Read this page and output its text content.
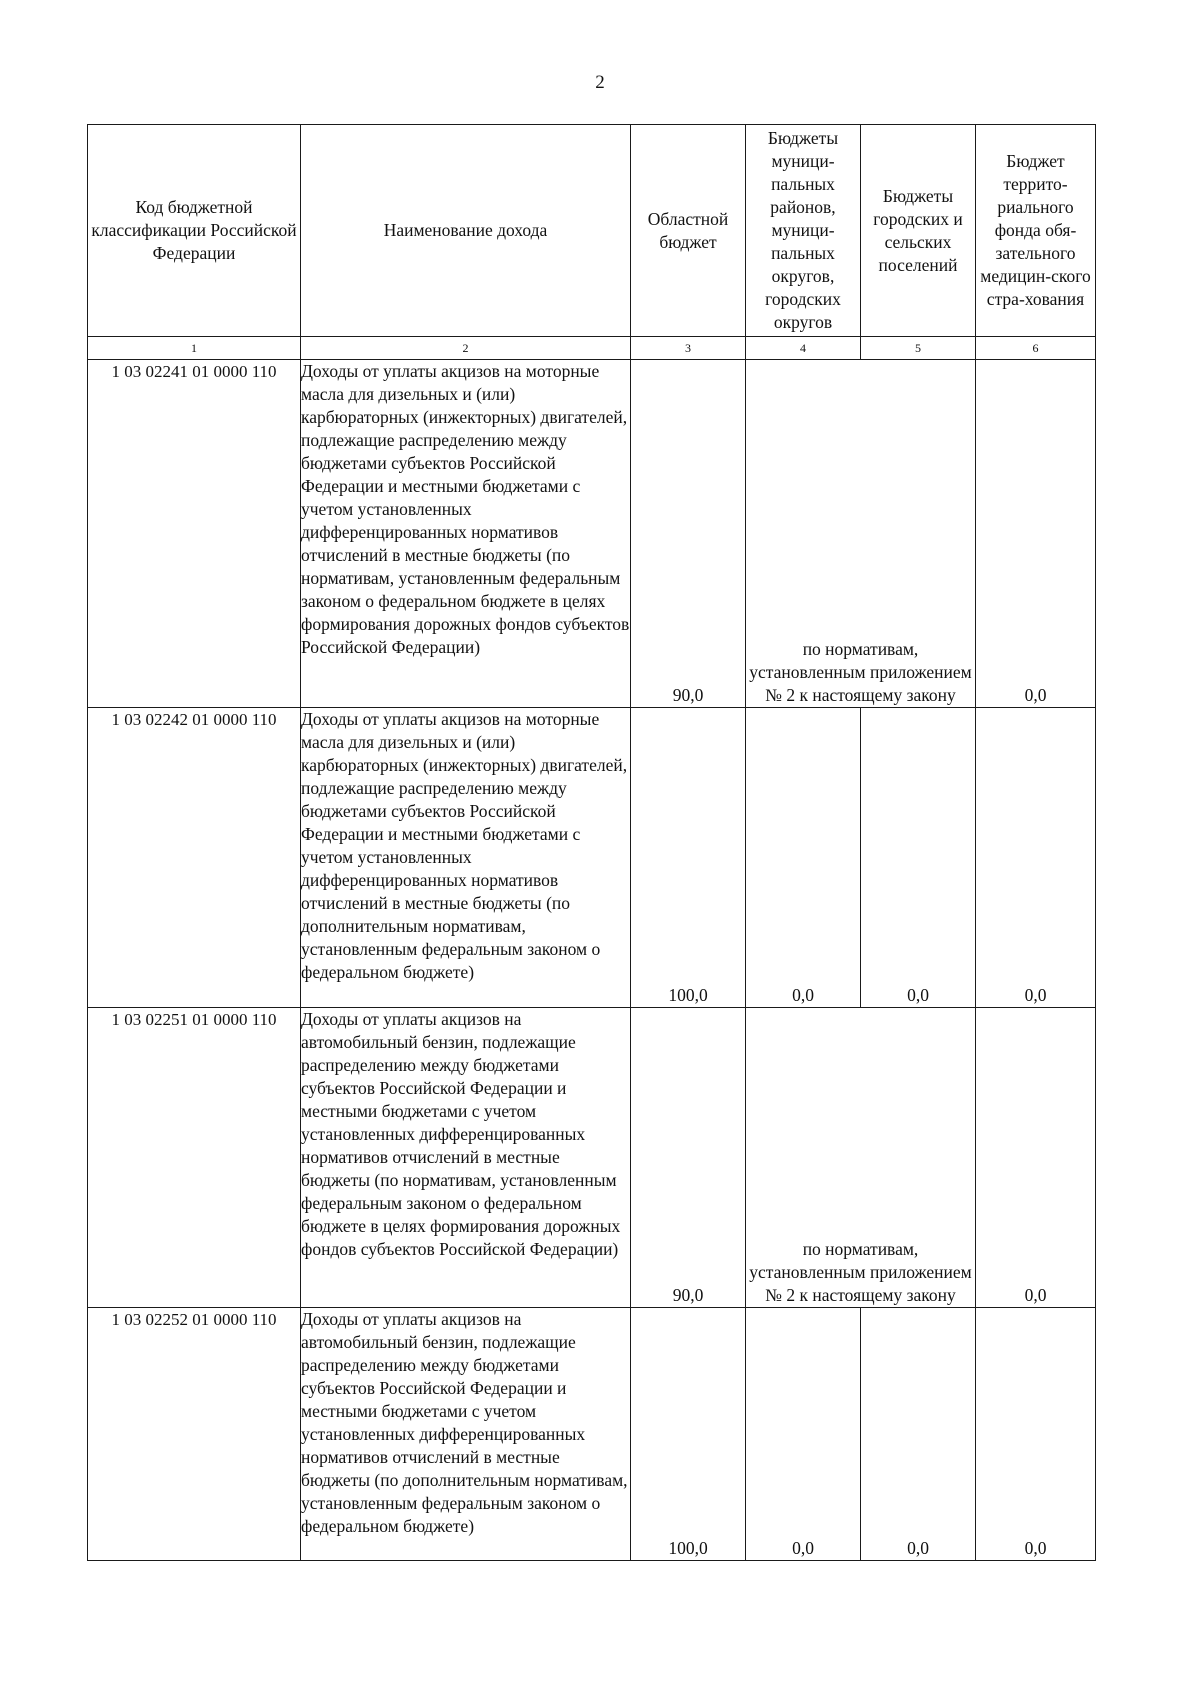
2
Код бюджетной классификации Российской Федерации	Наименование дохода	Областной бюджет	Бюджеты муници-пальных районов, муници-пальных округов, городских округов	Бюджеты городских и сельских поселений	Бюджет террито-риального фонда обя-зательного медицин-ского стра-хования
1	2	3	4	5	6
1 03 02241 01 0000 110	Доходы от уплаты акцизов на моторные масла для дизельных и (или) карбюраторных (инжекторных) двигателей, подлежащие распределению между бюджетами субъектов Российской Федерации и местными бюджетами с учетом установленных дифференцированных нормативов отчислений в местные бюджеты (по нормативам, установленным федеральным законом о федеральном бюджете в целях формирования дорожных фондов субъектов Российской Федерации)	90,0	по нормативам, установленным приложением № 2 к настоящему закону		0,0
1 03 02242 01 0000 110	Доходы от уплаты акцизов на моторные масла для дизельных и (или) карбюраторных (инжекторных) двигателей, подлежащие распределению между бюджетами субъектов Российской Федерации и местными бюджетами с учетом установленных дифференцированных нормативов отчислений в местные бюджеты (по дополнительным нормативам, установленным федеральным законом о федеральном бюджете)	100,0	0,0	0,0	0,0
1 03 02251 01 0000 110	Доходы от уплаты акцизов на автомобильный бензин, подлежащие распределению между бюджетами субъектов Российской Федерации и местными бюджетами с учетом установленных дифференцированных нормативов отчислений в местные бюджеты (по нормативам, установленным федеральным законом о федеральном бюджете в целях формирования дорожных фондов субъектов Российской Федерации)	90,0	по нормативам, установленным приложением № 2 к настоящему закону		0,0
1 03 02252 01 0000 110	Доходы от уплаты акцизов на автомобильный бензин, подлежащие распределению между бюджетами субъектов Российской Федерации и местными бюджетами с учетом установленных дифференцированных нормативов отчислений в местные бюджеты (по дополнительным нормативам, установленным федеральным законом о федеральном бюджете)	100,0	0,0	0,0	0,0
